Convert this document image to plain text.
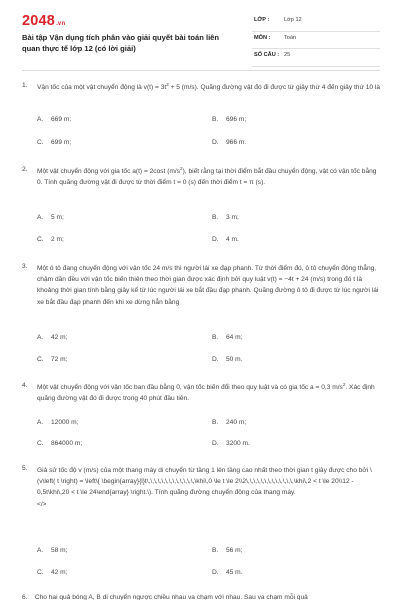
2048.vn
Bài tập Vận dụng tích phân vào giải quyết bài toán liên quan thực tế lớp 12 (có lời giải)
LỚP :	Lớp 12
MÔN : Toán
SỐ CÂU : 25
1. Vận tốc của một vật chuyển động là $v(t) = 3t^2 + 5$ (m/s). Quãng đường vật đó đi được từ giây thứ 4 đến giây thứ 10 là
A. 669 m;	B. 696 m;
C. 699 m;	D. 966 m.
2. Một vật chuyển động với gia tốc a(t) = 2cost $(m/s^2)$, biết rằng tại thời điểm bắt đầu chuyển động, vật có vận tốc bằng 0. Tính quãng đường vật đi được từ thời điểm t = 0 (s) đến thời điểm t = π (s).
A. 5 m;	B. 3 m;
C. 2 m;	D. 4 m.
3. Một ô tô đang chuyển động với vận tốc 24 m/s thì người lái xe đạp phanh. Từ thời điểm đó, ô tô chuyển động thẳng, chậm dần đều với vận tốc biến thiên theo thời gian được xác định bởi quy luật v(t) = −4t + 24 (m/s) trong đó t là khoảng thời gian tính bằng giây kể từ lúc người lái xe bắt đầu đạp phanh. Quãng đường ô tô đi được từ lúc người lái xe bắt đầu đạp phanh đến khi xe dừng hẳn bằng
A. 42 m;	B. 64 m;
C. 72 m;	D. 50 m.
4. Một vật chuyển động với vận tốc ban đầu bằng 0, vận tốc biến đổi theo quy luật và có gia tốc a = 0,3 $m/s^2$. Xác định quãng đường vật đó đi được trong 40 phút đầu tiên.
A. 12000 m;	B. 240 m;
C. 864000 m;	D. 3200 m.
5. Giả sử tốc độ v (m/s) của một thang máy di chuyển từ tầng 1 lên tầng cao nhất theo thời gian t giây được cho bởi \(v\left( t \right) = \left\{ \begin{array}{l}t\,\,\,\,\,\,\,\,\,\,\,\,\,\khi\,0 \le t \le 2\\2\,\,\,\,\,\,\,\,\,\,\,\,\,\khi\,2 < t \le 20\\12 - 0,5t\khi\,20 < t \le 24\end{array} \right.\). Tính quãng đường chuyển động của thang máy.
</>
A. 58 m;	B. 56 m;
C. 42 m;	D. 45 m.
6.    Cho hai quả bóng A, B di chuyển ngược chiều nhau va chạm với nhau. Sau va chạm mỗi quả
